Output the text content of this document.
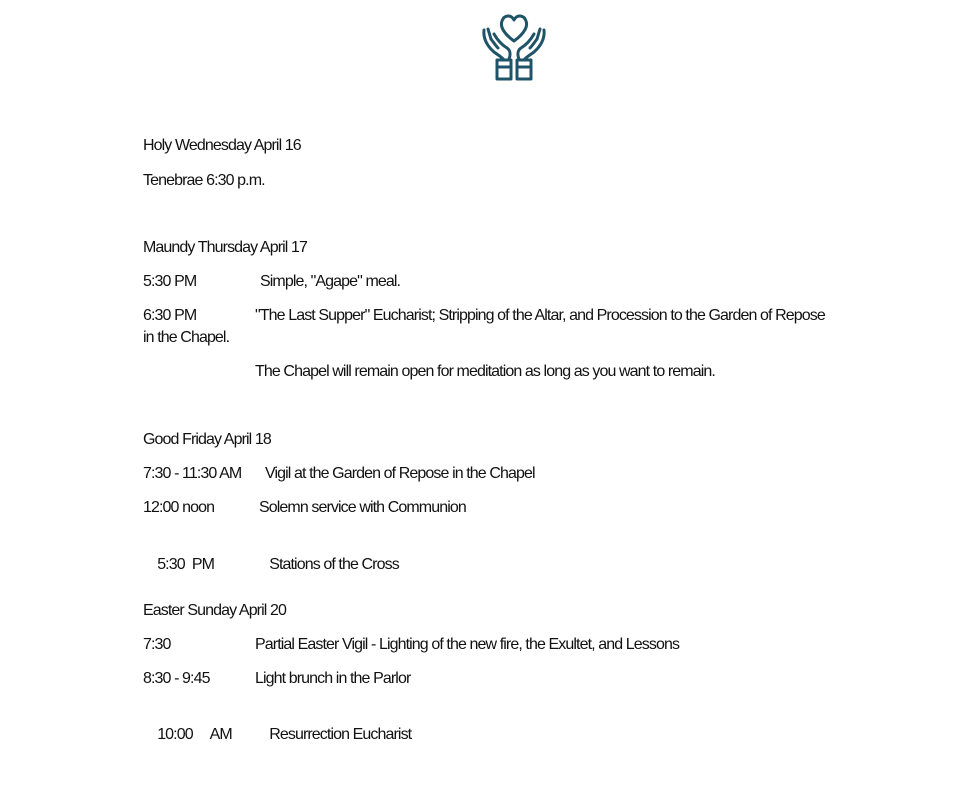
Holy Wednesday April 16
Tenebrae 6:30 p.m.
Maundy Thursday April 17
5:30 PM	Simple, "Agape" meal.
6:30 PM	"The Last Supper" Eucharist; Stripping of the Altar, and Procession to the Garden of Repose in the Chapel.
The Chapel will remain open for meditation as long as you want to remain.
Good Friday April 18
7:30 - 11:30 AM Vigil at the Garden of Repose in the Chapel
12:00 noon	Solemn service with Communion

5:30  PM	Stations of the Cross

Easter Sunday April 20
7:30	Partial Easter Vigil - Lighting of the new fire, the Exultet, and Lessons
8:30 - 9:45	Light brunch in the Parlor

10:00     AM Resurrection Eucharist
